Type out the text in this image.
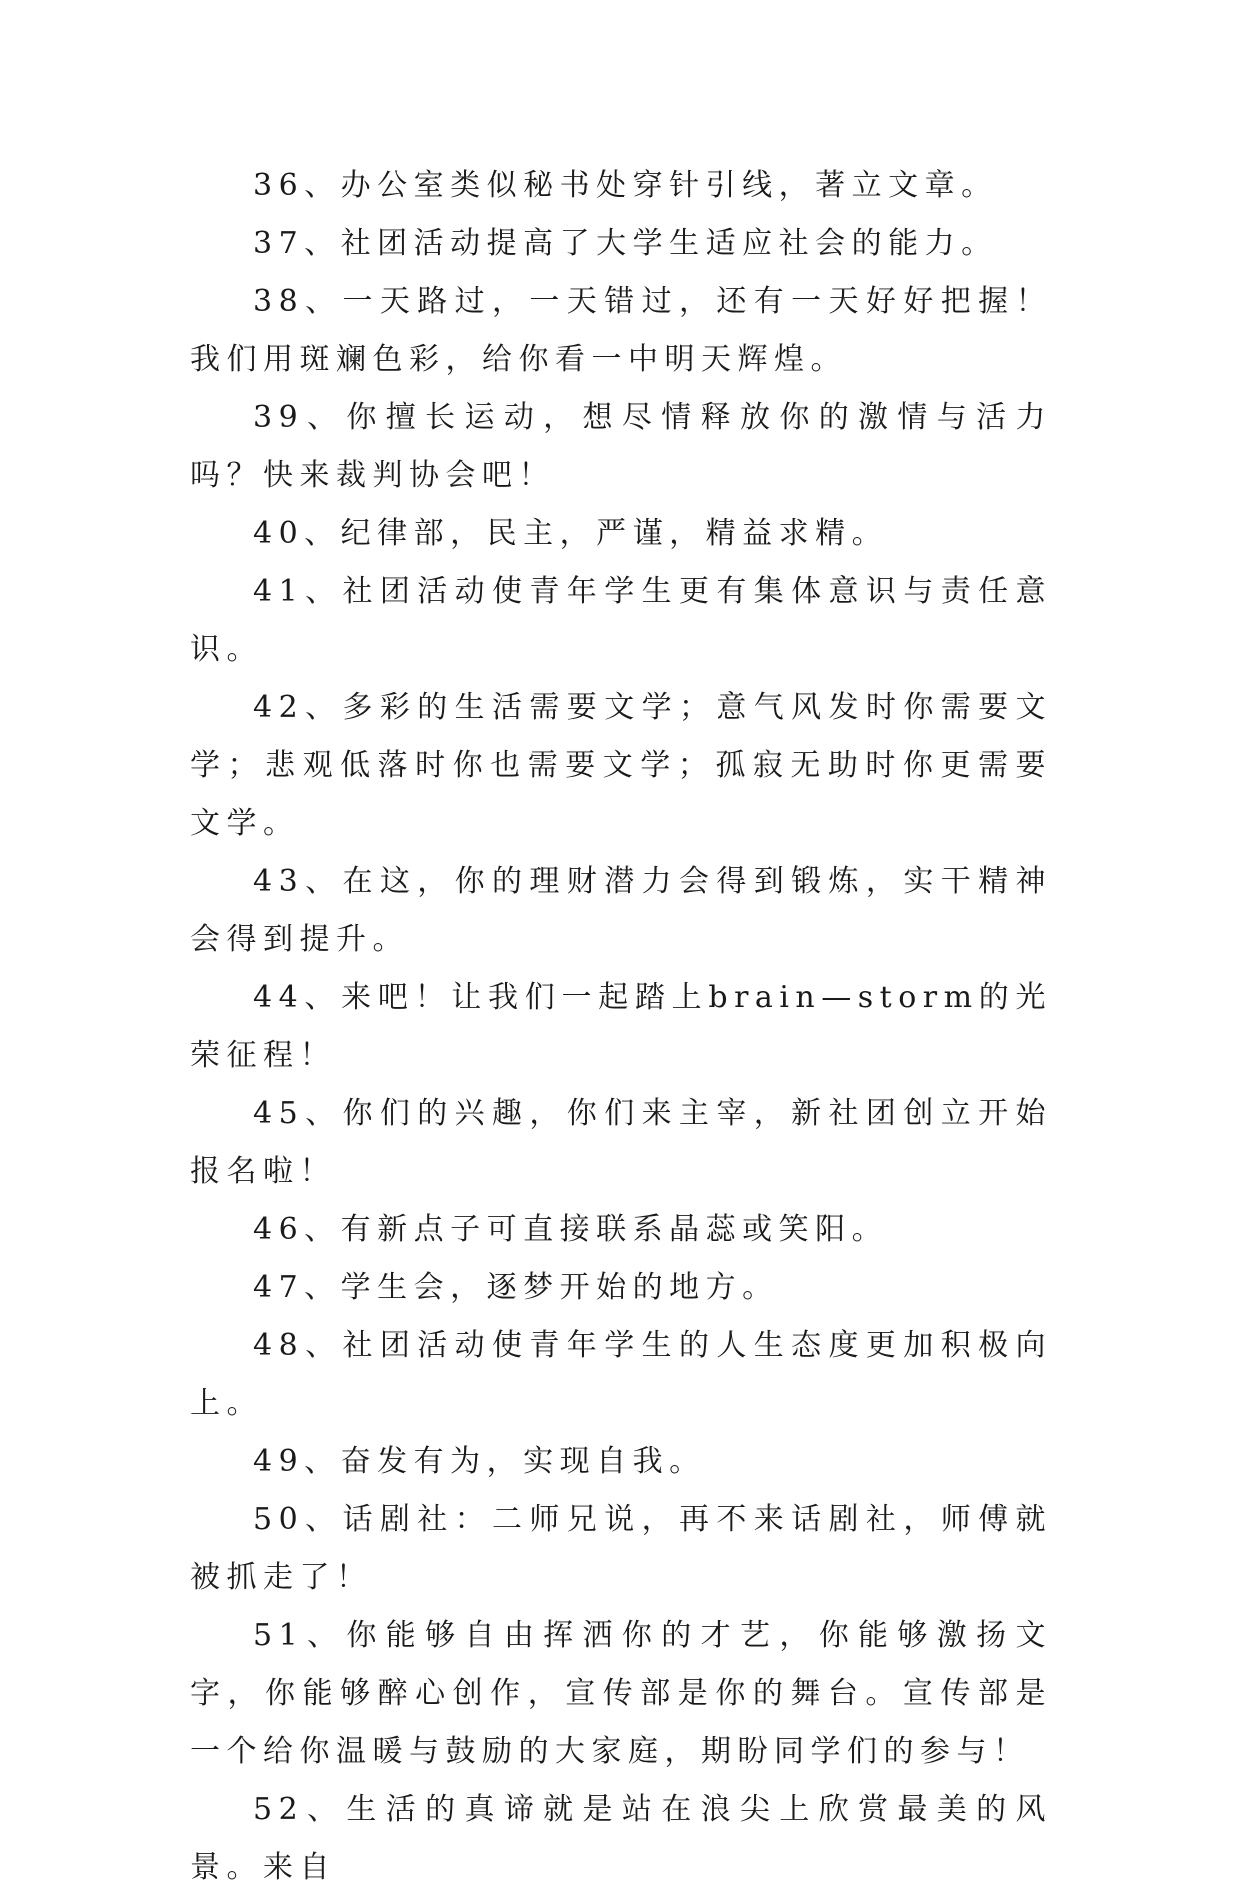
36、办公室类似秘书处穿针引线，著立文章。

37、社团活动提高了大学生适应社会的能力。

38、一天路过，一天错过，还有一天好好把握！我们用斑斓色彩，给你看一中明天辉煌。

39、你擅长运动，想尽情释放你的激情与活力吗？快来裁判协会吧！

40、纪律部，民主，严谨，精益求精。

41、社团活动使青年学生更有集体意识与责任意识。

42、多彩的生活需要文学；意气风发时你需要文学；悲观低落时你也需要文学；孤寂无助时你更需要文学。

43、在这，你的理财潜力会得到锻炼，实干精神会得到提升。

44、来吧！让我们一起踏上brain—storm的光荣征程！

45、你们的兴趣，你们来主宰，新社团创立开始报名啦！

46、有新点子可直接联系晶蕊或笑阳。

47、学生会，逐梦开始的地方。

48、社团活动使青年学生的人生态度更加积极向上。

49、奋发有为，实现自我。

50、话剧社：二师兄说，再不来话剧社，师傅就被抓走了！

51、你能够自由挥洒你的才艺，你能够激扬文字，你能够醉心创作，宣传部是你的舞台。宣传部是一个给你温暖与鼓励的大家庭，期盼同学们的参与！

52、生活的真谛就是站在浪尖上欣赏最美的风景。来自
